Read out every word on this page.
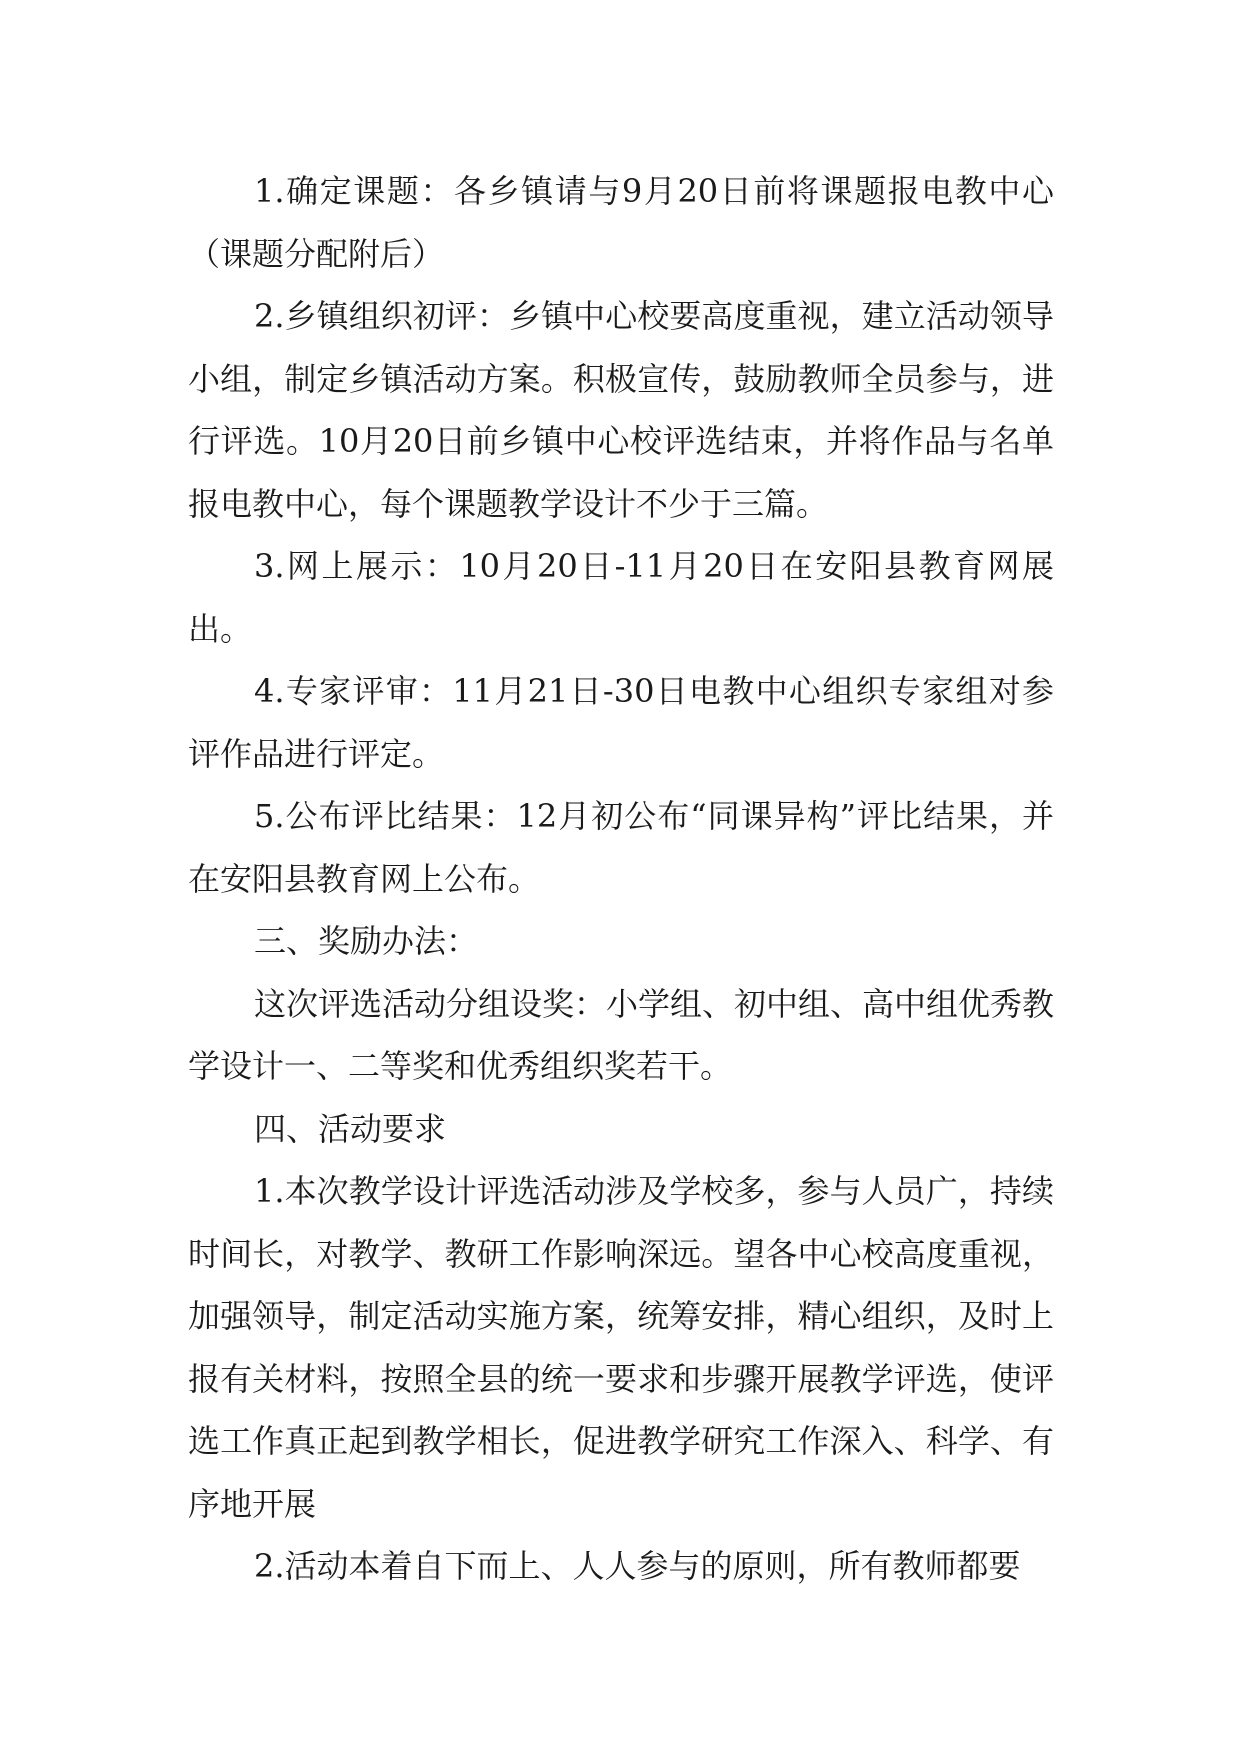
1.确定课题：各乡镇请与9月20日前将课题报电教中心（课题分配附后）

2.乡镇组织初评：乡镇中心校要高度重视，建立活动领导小组，制定乡镇活动方案。积极宣传，鼓励教师全员参与，进行评选。10月20日前乡镇中心校评选结束，并将作品与名单报电教中心，每个课题教学设计不少于三篇。

3.网上展示：10月20日-11月20日在安阳县教育网展出。

4.专家评审：11月21日-30日电教中心组织专家组对参评作品进行评定。

5.公布评比结果：12月初公布“同课异构”评比结果，并在安阳县教育网上公布。

三、奖励办法：

这次评选活动分组设奖：小学组、初中组、高中组优秀教学设计一、二等奖和优秀组织奖若干。

四、活动要求

1.本次教学设计评选活动涉及学校多，参与人员广，持续时间长，对教学、教研工作影响深远。望各中心校高度重视，加强领导，制定活动实施方案，统筹安排，精心组织，及时上报有关材料，按照全县的统一要求和步骤开展教学评选，使评选工作真正起到教学相长，促进教学研究工作深入、科学、有序地开展

2.活动本着自下而上、人人参与的原则，所有教师都要
